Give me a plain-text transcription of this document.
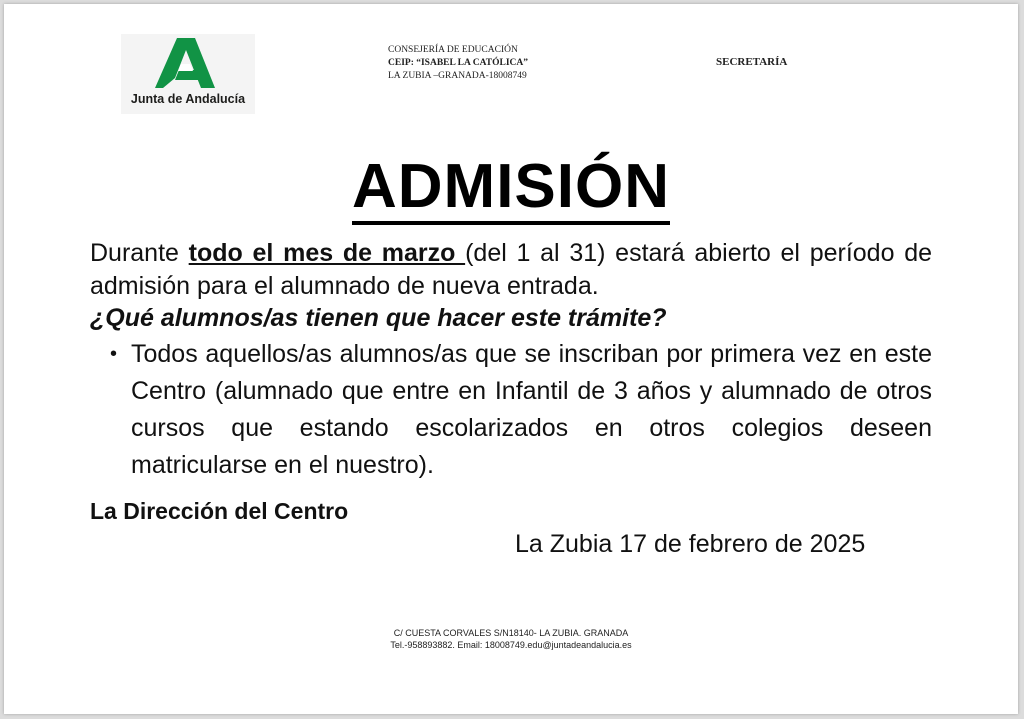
Junta de Andalucía
CONSEJERÍA DE EDUCACIÓN
CEIP: “ISABEL LA CATÓLICA”
LA ZUBIA –GRANADA-18008749
SECRETARÍA
ADMISIÓN
Durante todo el mes de marzo (del 1 al 31) estará abierto el período de admisión para el alumnado de nueva entrada.
¿Qué alumnos/as tienen que hacer este trámite?
• Todos aquellos/as alumnos/as que se inscriban por primera vez en este Centro (alumnado que entre en Infantil de 3 años y alumnado de otros cursos que estando escolarizados en otros colegios deseen matricularse en el nuestro).
La Dirección del Centro
La Zubia 17 de febrero de 2025
C/ CUESTA CORVALES S/N18140- LA ZUBIA. GRANADA
Tel.-958893882. Email: 18008749.edu@juntadeandalucia.es
